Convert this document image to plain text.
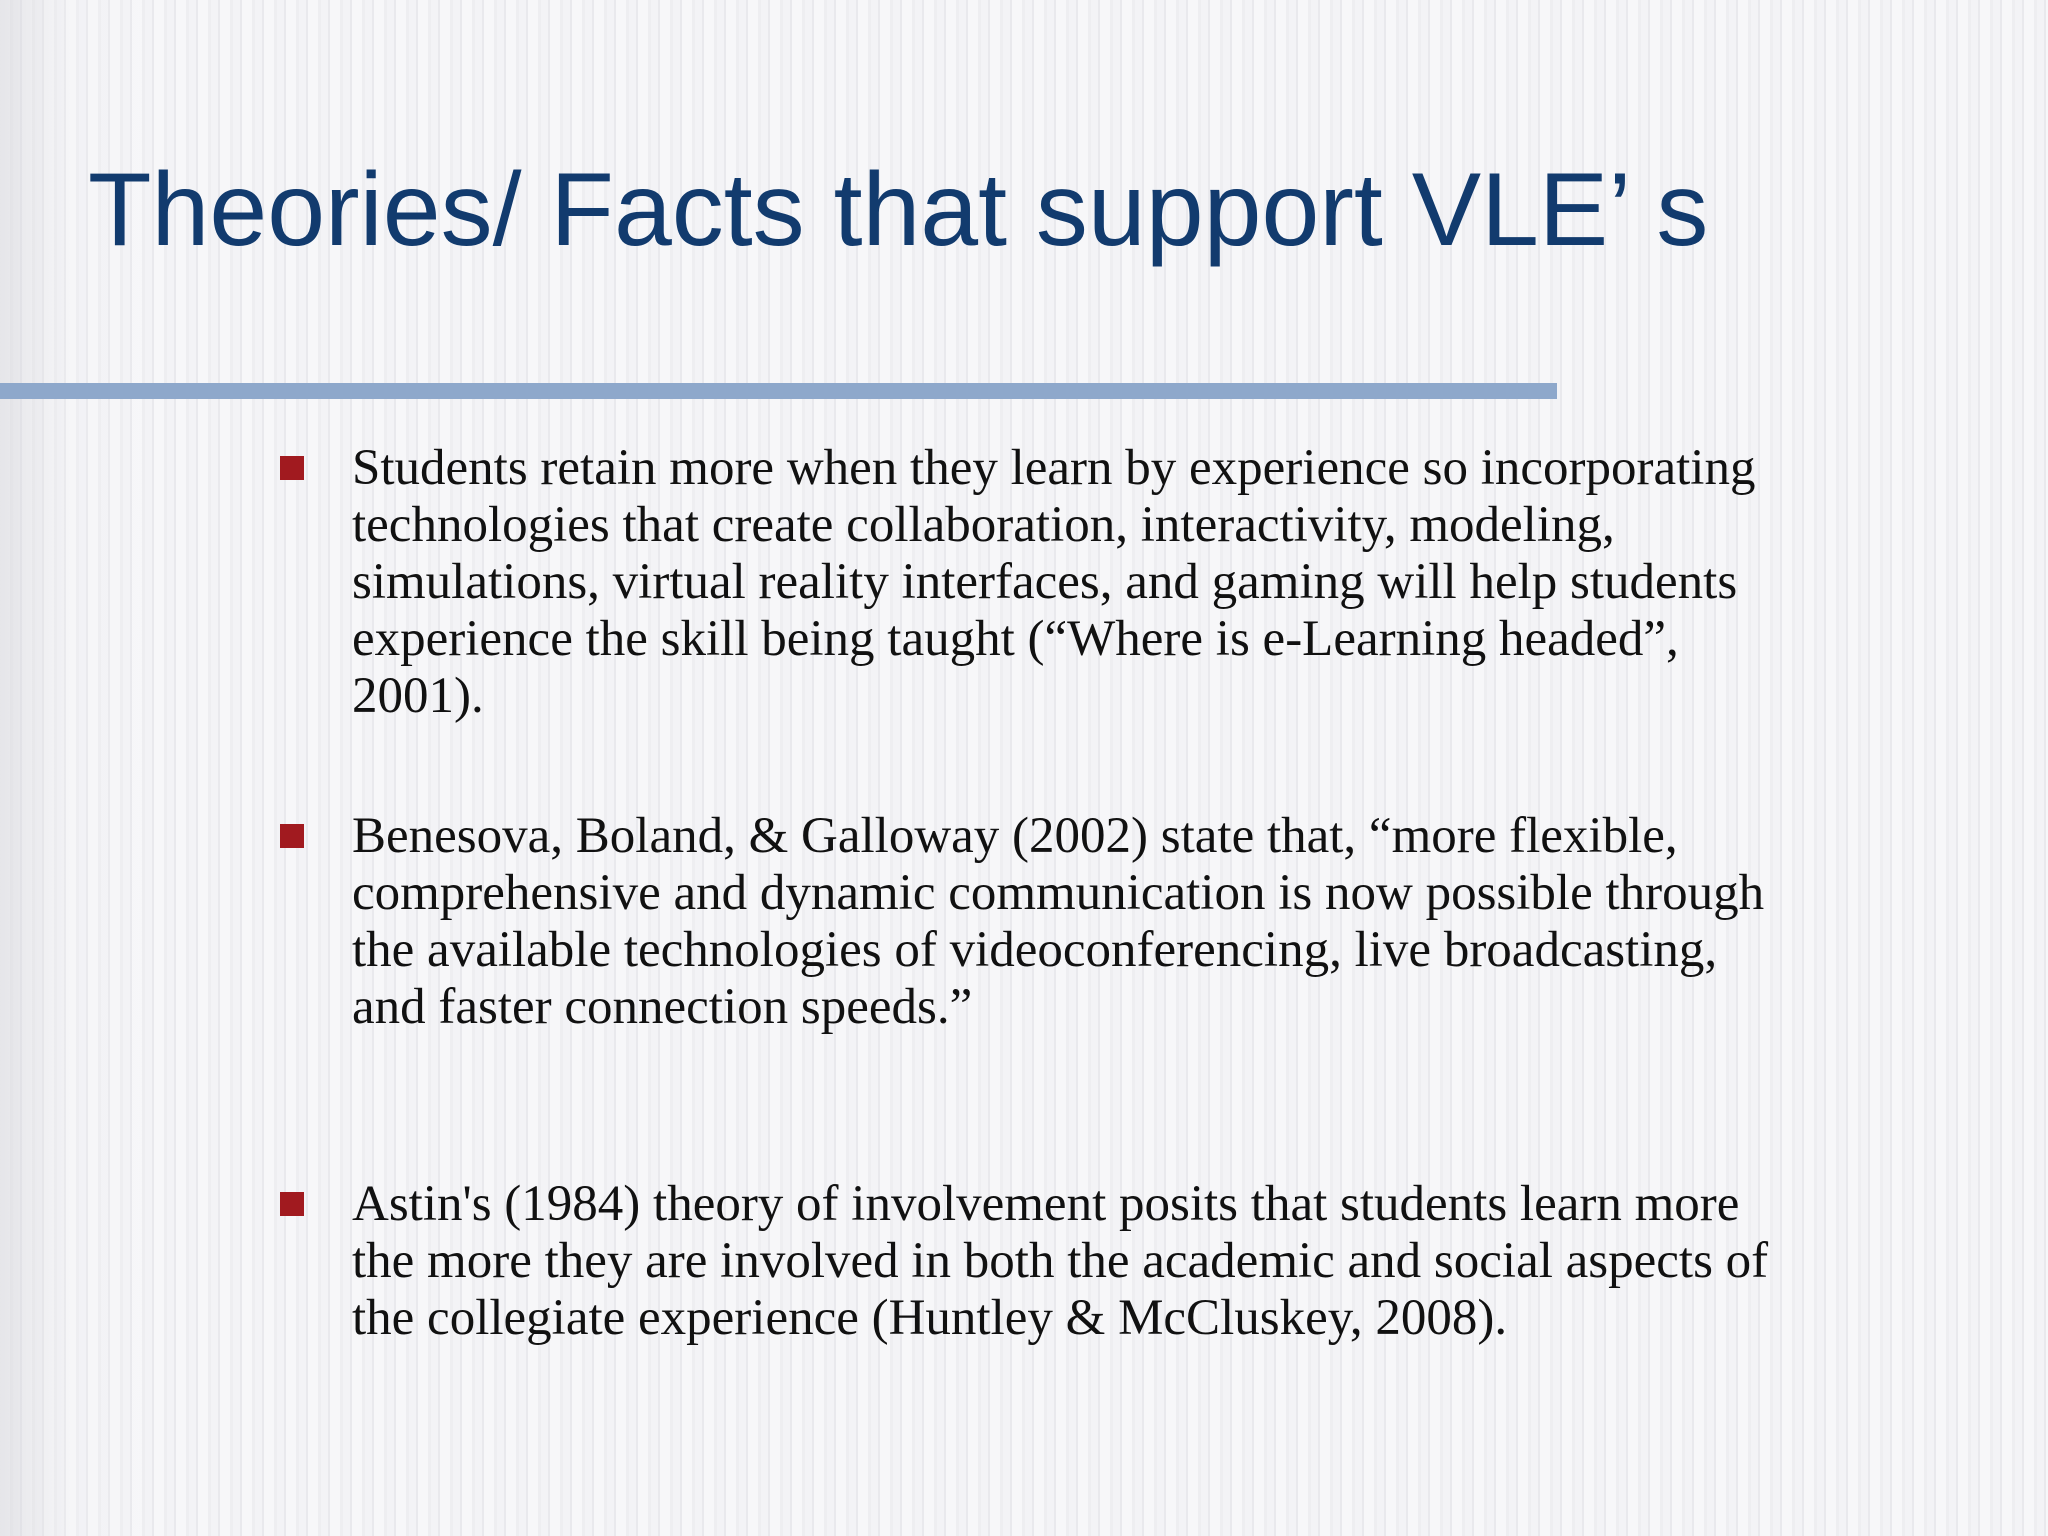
Theories/ Facts that support VLE’ s
Students retain more when they learn by experience so incorporating technologies that create collaboration, interactivity, modeling, simulations, virtual reality interfaces, and gaming will help students experience the skill being taught (“Where is e-Learning headed”, 2001).
Benesova, Boland, & Galloway (2002) state that, “more flexible, comprehensive and dynamic communication is now possible through the available technologies of videoconferencing, live broadcasting, and faster connection speeds.”
Astin's (1984) theory of involvement posits that students learn more the more they are involved in both the academic and social aspects of the collegiate experience (Huntley & McCluskey, 2008).
